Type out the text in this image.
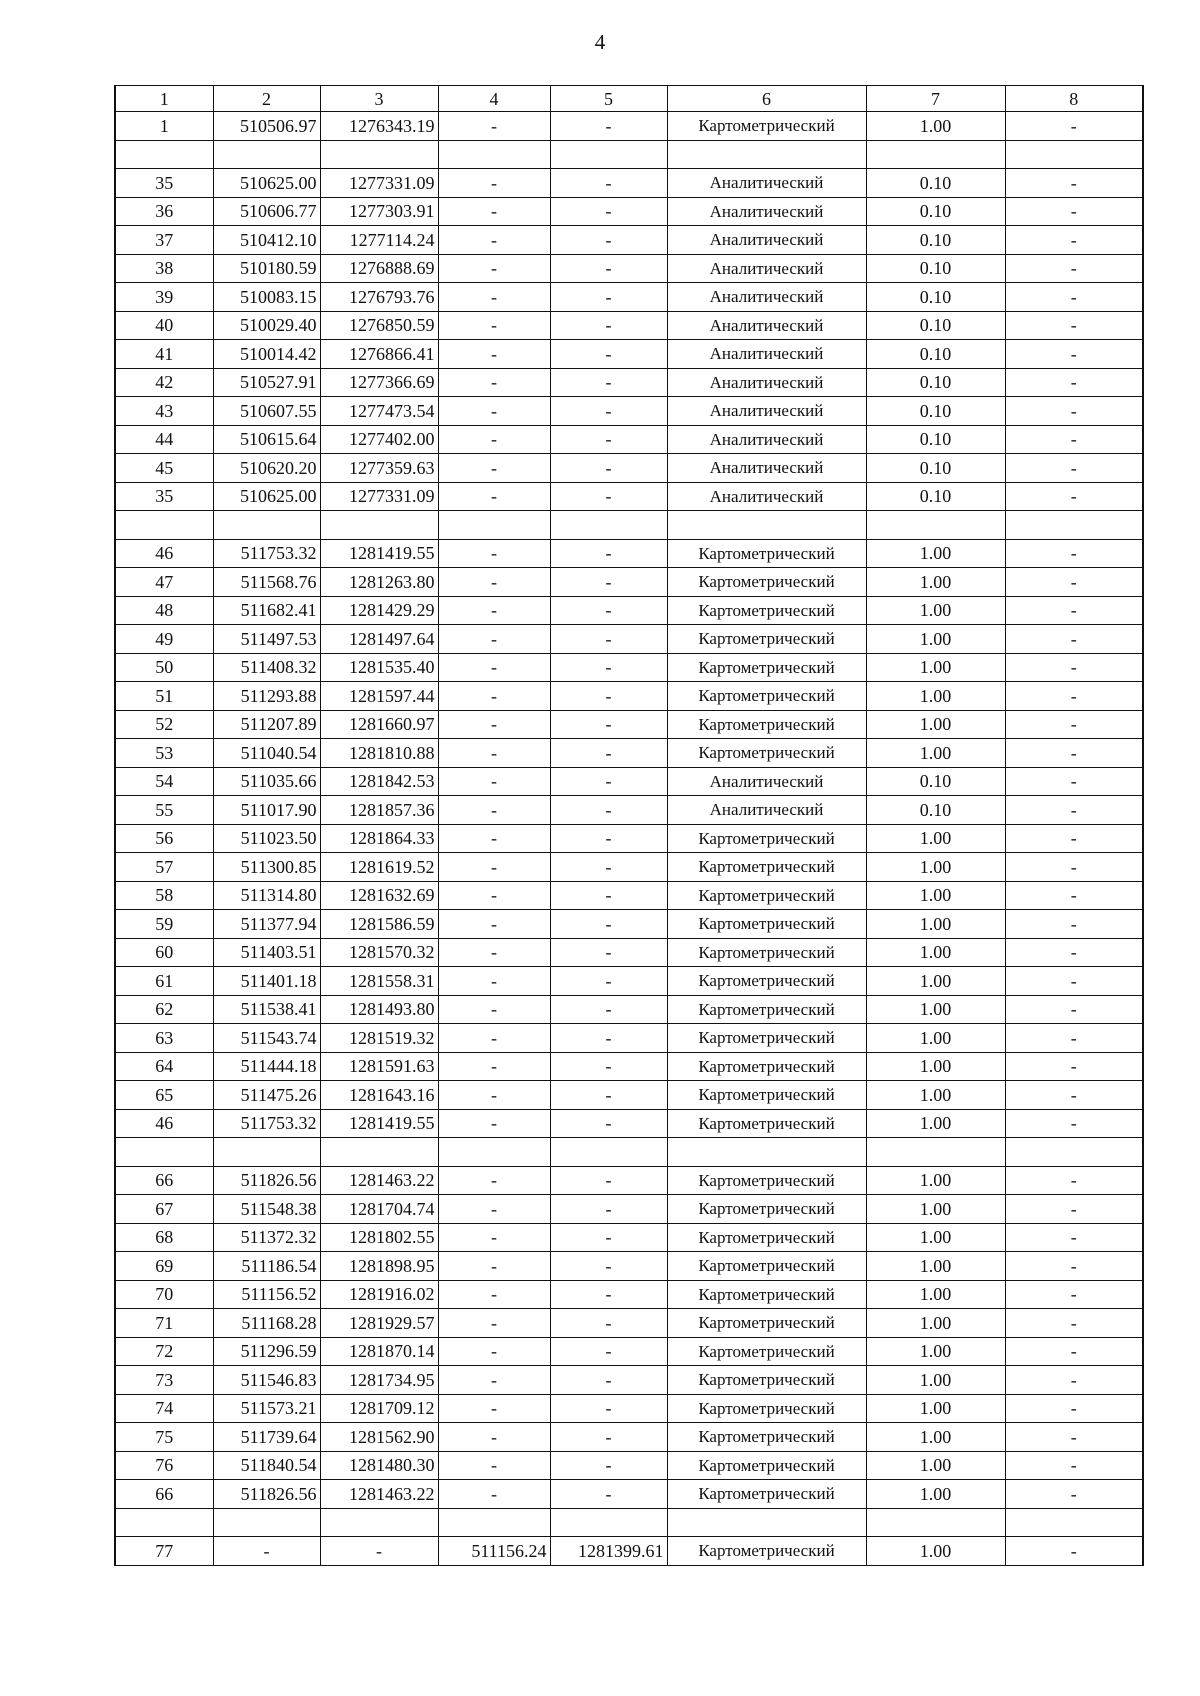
4
1	2	3	4	5	6	7	8
1	510506.97	1276343.19	-	-	Картометрический	1.00	-

35	510625.00	1277331.09	-	-	Аналитический	0.10	-
36	510606.77	1277303.91	-	-	Аналитический	0.10	-
37	510412.10	1277114.24	-	-	Аналитический	0.10	-
38	510180.59	1276888.69	-	-	Аналитический	0.10	-
39	510083.15	1276793.76	-	-	Аналитический	0.10	-
40	510029.40	1276850.59	-	-	Аналитический	0.10	-
41	510014.42	1276866.41	-	-	Аналитический	0.10	-
42	510527.91	1277366.69	-	-	Аналитический	0.10	-
43	510607.55	1277473.54	-	-	Аналитический	0.10	-
44	510615.64	1277402.00	-	-	Аналитический	0.10	-
45	510620.20	1277359.63	-	-	Аналитический	0.10	-
35	510625.00	1277331.09	-	-	Аналитический	0.10	-

46	511753.32	1281419.55	-	-	Картометрический	1.00	-
47	511568.76	1281263.80	-	-	Картометрический	1.00	-
48	511682.41	1281429.29	-	-	Картометрический	1.00	-
49	511497.53	1281497.64	-	-	Картометрический	1.00	-
50	511408.32	1281535.40	-	-	Картометрический	1.00	-
51	511293.88	1281597.44	-	-	Картометрический	1.00	-
52	511207.89	1281660.97	-	-	Картометрический	1.00	-
53	511040.54	1281810.88	-	-	Картометрический	1.00	-
54	511035.66	1281842.53	-	-	Аналитический	0.10	-
55	511017.90	1281857.36	-	-	Аналитический	0.10	-
56	511023.50	1281864.33	-	-	Картометрический	1.00	-
57	511300.85	1281619.52	-	-	Картометрический	1.00	-
58	511314.80	1281632.69	-	-	Картометрический	1.00	-
59	511377.94	1281586.59	-	-	Картометрический	1.00	-
60	511403.51	1281570.32	-	-	Картометрический	1.00	-
61	511401.18	1281558.31	-	-	Картометрический	1.00	-
62	511538.41	1281493.80	-	-	Картометрический	1.00	-
63	511543.74	1281519.32	-	-	Картометрический	1.00	-
64	511444.18	1281591.63	-	-	Картометрический	1.00	-
65	511475.26	1281643.16	-	-	Картометрический	1.00	-
46	511753.32	1281419.55	-	-	Картометрический	1.00	-

66	511826.56	1281463.22	-	-	Картометрический	1.00	-
67	511548.38	1281704.74	-	-	Картометрический	1.00	-
68	511372.32	1281802.55	-	-	Картометрический	1.00	-
69	511186.54	1281898.95	-	-	Картометрический	1.00	-
70	511156.52	1281916.02	-	-	Картометрический	1.00	-
71	511168.28	1281929.57	-	-	Картометрический	1.00	-
72	511296.59	1281870.14	-	-	Картометрический	1.00	-
73	511546.83	1281734.95	-	-	Картометрический	1.00	-
74	511573.21	1281709.12	-	-	Картометрический	1.00	-
75	511739.64	1281562.90	-	-	Картометрический	1.00	-
76	511840.54	1281480.30	-	-	Картометрический	1.00	-
66	511826.56	1281463.22	-	-	Картометрический	1.00	-

77	-	-	511156.24	1281399.61	Картометрический	1.00	-
